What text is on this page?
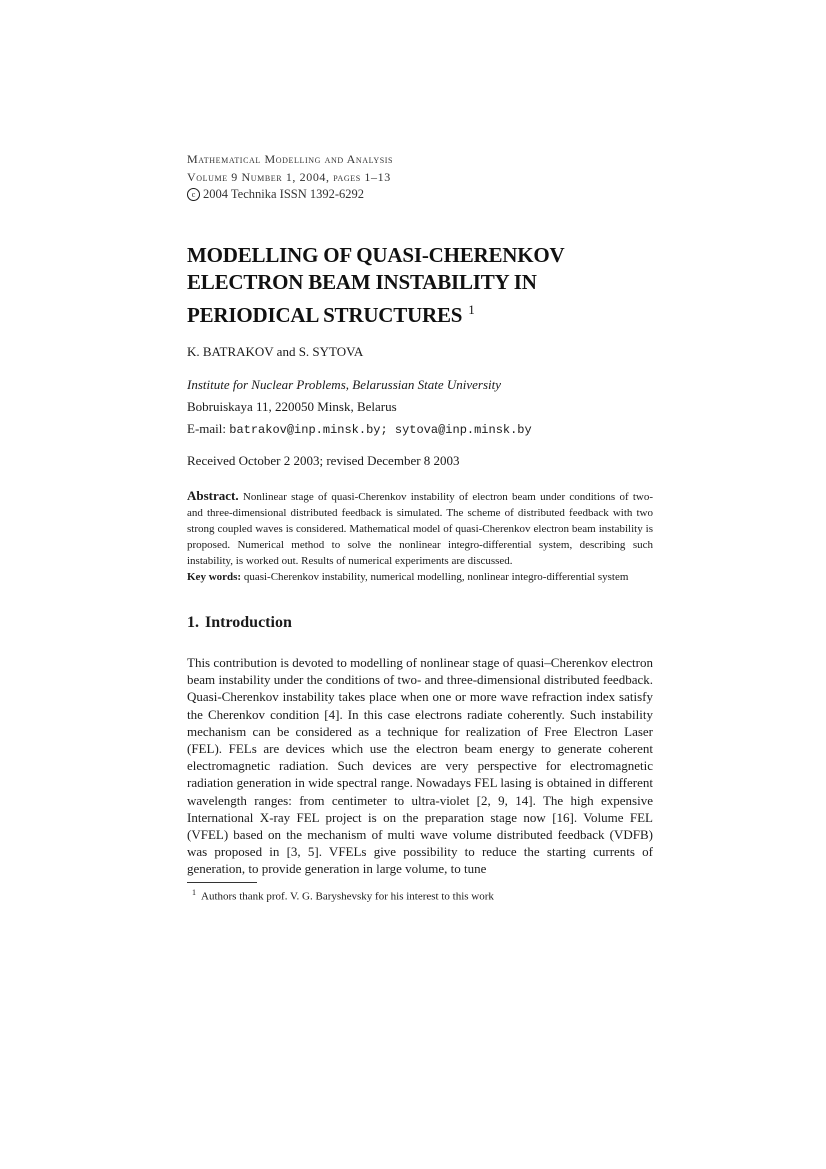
Mathematical Modelling and Analysis
Volume 9 Number 1, 2004, pages 1–13
c 2004 Technika ISSN 1392-6292
MODELLING OF QUASI-CHERENKOV
ELECTRON BEAM INSTABILITY IN
PERIODICAL STRUCTURES $^1$
K. BATRAKOV and S. SYTOVA
Institute for Nuclear Problems, Belarussian State University
Bobruiskaya 11, 220050 Minsk, Belarus
E-mail: batrakov@inp.minsk.by; sytova@inp.minsk.by
Received October 2 2003; revised December 8 2003
Abstract. Nonlinear stage of quasi-Cherenkov instability of electron beam under conditions of two- and three-dimensional distributed feedback is simulated. The scheme of distributed feedback with two strong coupled waves is considered. Mathematical model of quasi-Cherenkov electron beam instability is proposed. Numerical method to solve the nonlinear integro-differential system, describing such instability, is worked out. Results of numerical experiments are discussed.
Key words: quasi-Cherenkov instability, numerical modelling, nonlinear integro-differential system
1. Introduction
This contribution is devoted to modelling of nonlinear stage of quasi–Cherenkov electron beam instability under the conditions of two- and three-dimensional distributed feedback. Quasi-Cherenkov instability takes place when one or more wave refraction index satisfy the Cherenkov condition [4]. In this case electrons radiate coherently. Such instability mechanism can be considered as a technique for realization of Free Electron Laser (FEL). FELs are devices which use the electron beam energy to generate coherent electromagnetic radiation. Such devices are very perspective for electromagnetic radiation generation in wide spectral range. Nowadays FEL lasing is obtained in different wavelength ranges: from centimeter to ultra-violet [2, 9, 14]. The high expensive International X-ray FEL project is on the preparation stage now [16]. Volume FEL (VFEL) based on the mechanism of multi wave volume distributed feedback (VDFB) was proposed in [3, 5]. VFELs give possibility to reduce the starting currents of generation, to provide generation in large volume, to tune
$^1$ Authors thank prof. V. G. Baryshevsky for his interest to this work
